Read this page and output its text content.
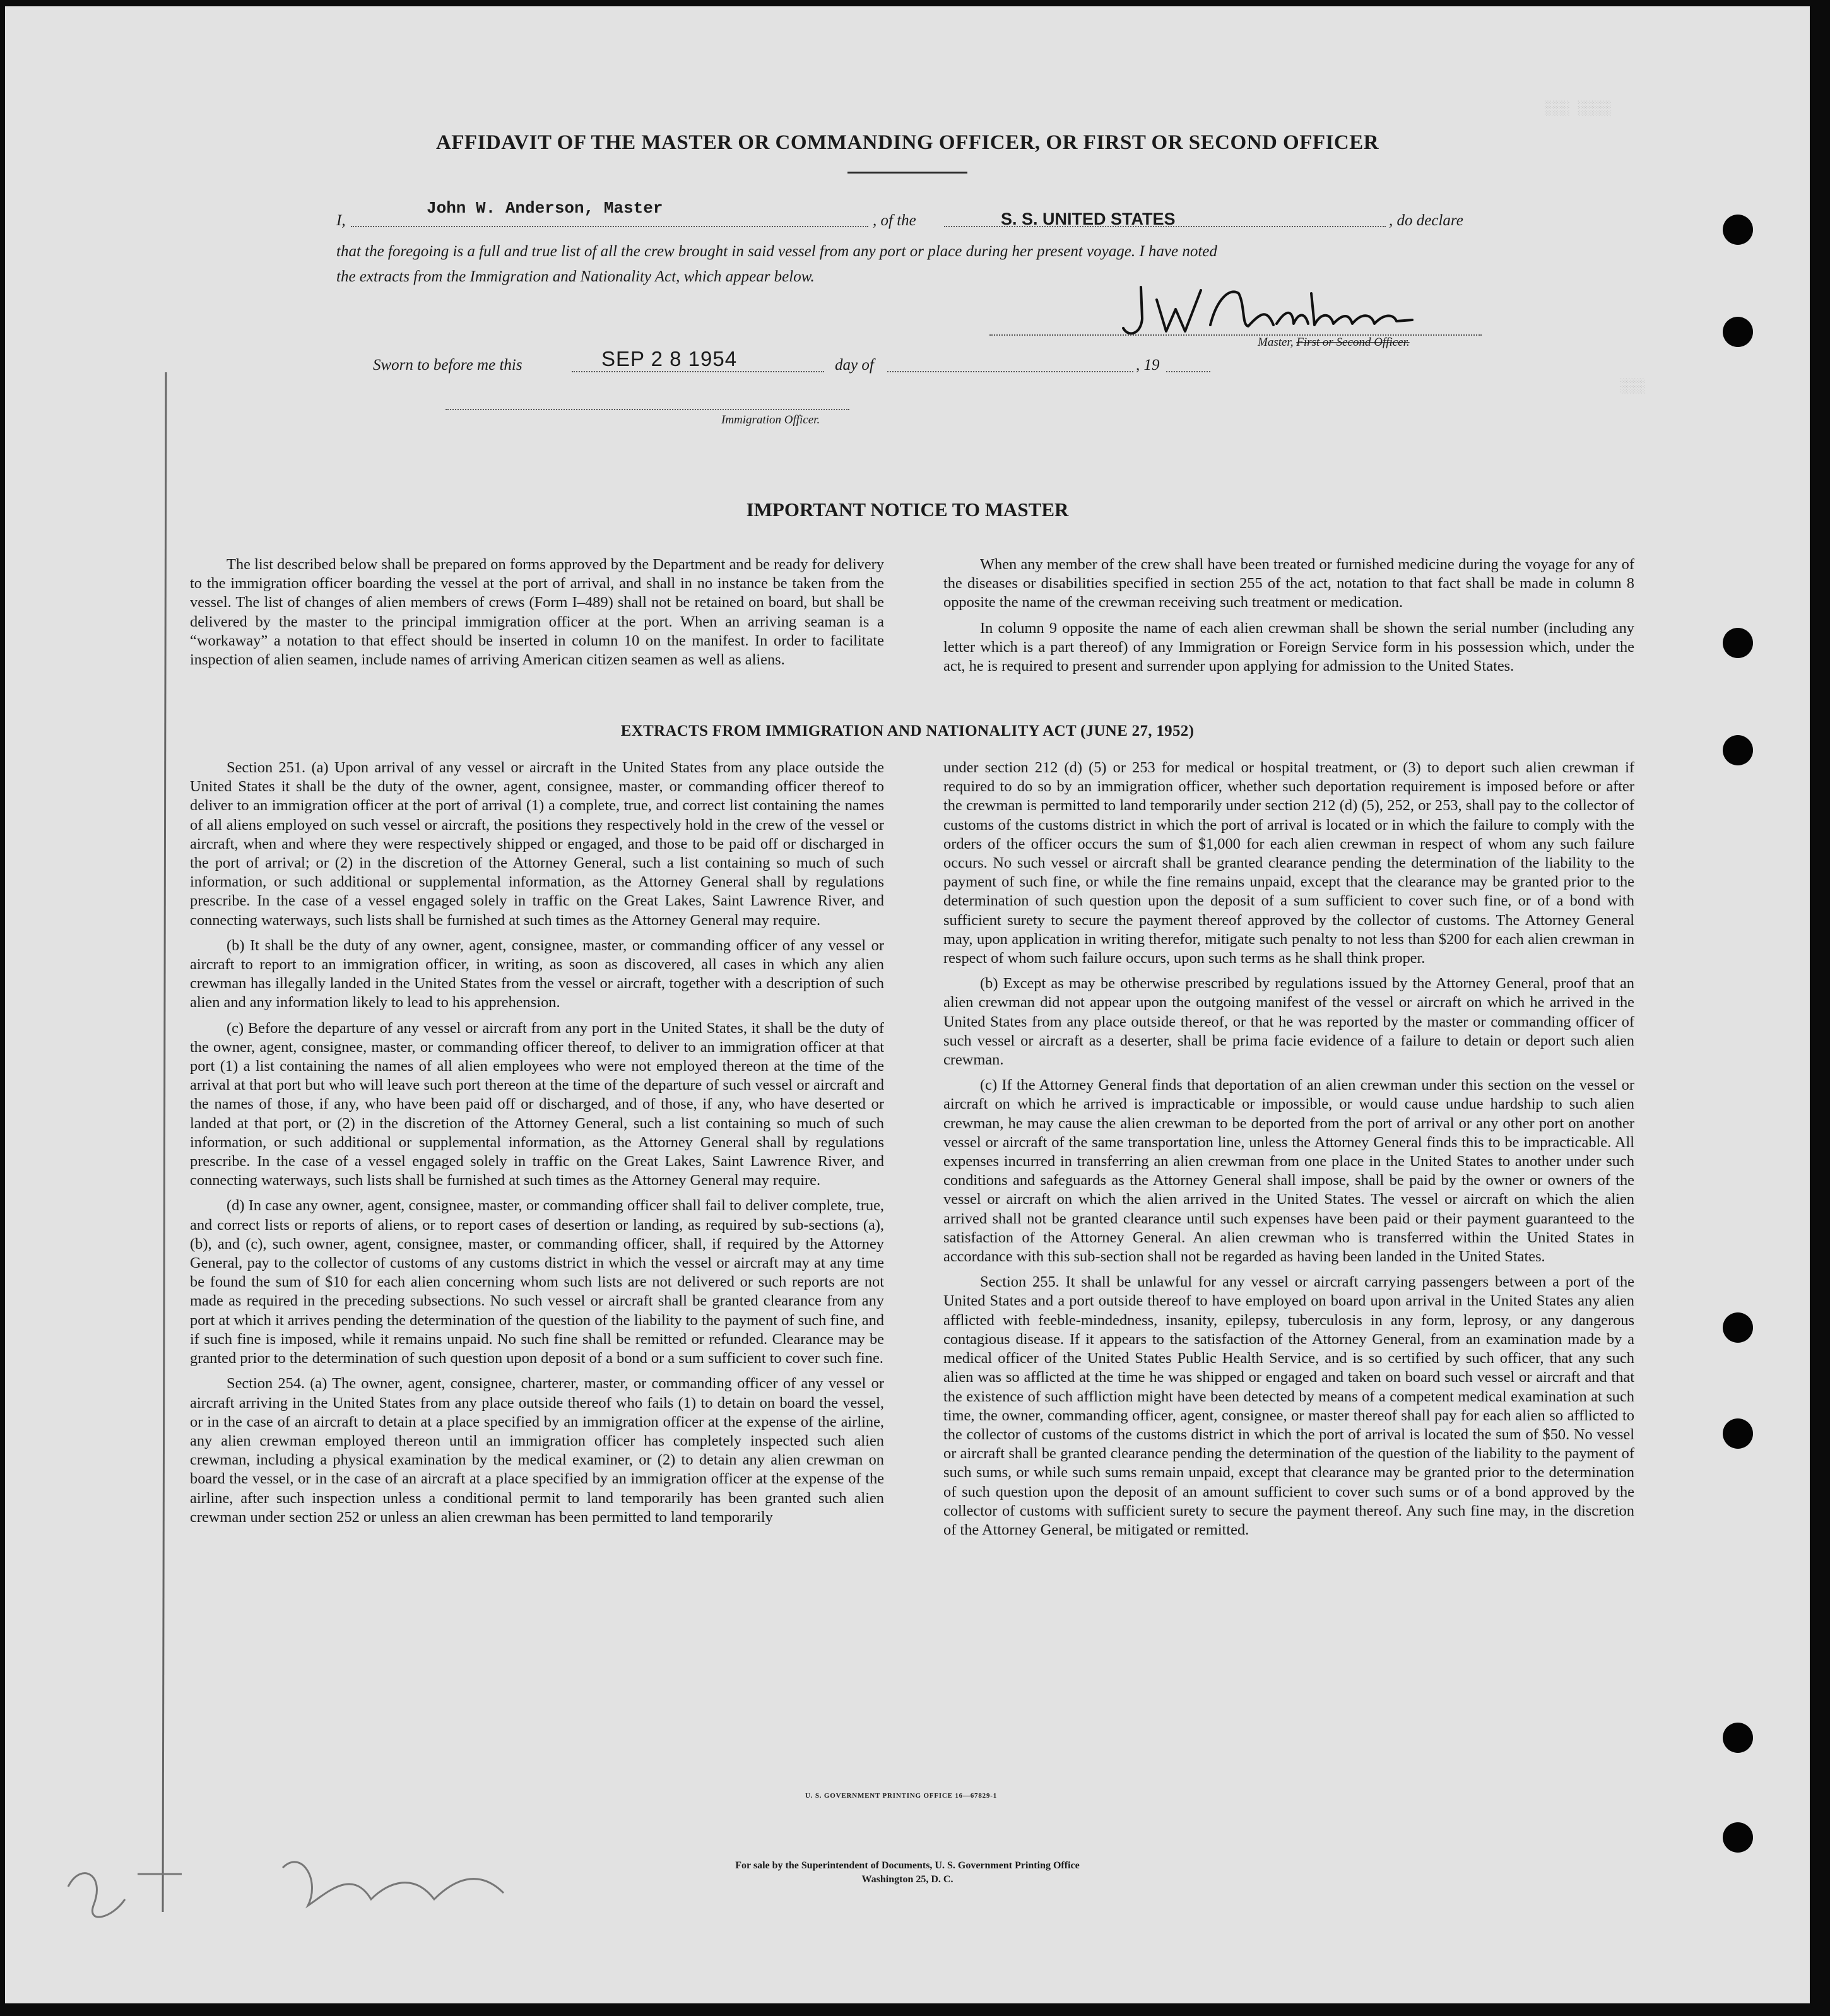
░░░ ░░░░
░░░
AFFIDAVIT OF THE MASTER OR COMMANDING OFFICER, OR FIRST OR SECOND OFFICER
I,
John W. Anderson, Master
, of the	S. S. UNITED STATES	, do declare
that the foregoing is a full and true list of all the crew brought in said vessel from any port or place during her present voyage. I have noted
the extracts from the Immigration and Nationality Act, which appear below.
Master, First or Second Officer.
Sworn to before me this	SEP 2 8 1954	day of	, 19
Immigration Officer.
IMPORTANT NOTICE TO MASTER

The list described below shall be prepared on forms approved by the Department and be ready for delivery to the immigration officer boarding the vessel at the port of arrival, and shall in no instance be taken from the vessel. The list of changes of alien members of crews (Form I–489) shall not be retained on board, but shall be delivered by the master to the principal immigration officer at the port. When an arriving seaman is a “workaway” a notation to that effect should be inserted in column 10 on the manifest. In order to facilitate inspection of alien seamen, include names of arriving American citizen seamen as well as aliens.

When any member of the crew shall have been treated or furnished medicine during the voyage for any of the diseases or disabilities specified in section 255 of the act, notation to that fact shall be made in column 8 opposite the name of the crewman receiving such treatment or medication.

In column 9 opposite the name of each alien crewman shall be shown the serial number (including any letter which is a part thereof) of any Immigration or Foreign Service form in his possession which, under the act, he is required to present and surrender upon applying for admission to the United States.

EXTRACTS FROM IMMIGRATION AND NATIONALITY ACT (JUNE 27, 1952)

Section 251. (a) Upon arrival of any vessel or aircraft in the United States from any place outside the United States it shall be the duty of the owner, agent, consignee, master, or commanding officer thereof to deliver to an immigration officer at the port of arrival (1) a complete, true, and correct list containing the names of all aliens employed on such vessel or aircraft, the positions they respectively hold in the crew of the vessel or aircraft, when and where they were respectively shipped or engaged, and those to be paid off or discharged in the port of arrival; or (2) in the discretion of the Attorney General, such a list containing so much of such information, or such additional or supplemental information, as the Attorney General shall by regulations prescribe. In the case of a vessel engaged solely in traffic on the Great Lakes, Saint Lawrence River, and connecting waterways, such lists shall be furnished at such times as the Attorney General may require.

(b) It shall be the duty of any owner, agent, consignee, master, or commanding officer of any vessel or aircraft to report to an immigration officer, in writing, as soon as discovered, all cases in which any alien crewman has illegally landed in the United States from the vessel or aircraft, together with a description of such alien and any information likely to lead to his apprehension.

(c) Before the departure of any vessel or aircraft from any port in the United States, it shall be the duty of the owner, agent, consignee, master, or commanding officer thereof, to deliver to an immigration officer at that port (1) a list containing the names of all alien employees who were not employed thereon at the time of the arrival at that port but who will leave such port thereon at the time of the departure of such vessel or aircraft and the names of those, if any, who have been paid off or discharged, and of those, if any, who have deserted or landed at that port, or (2) in the discretion of the Attorney General, such a list containing so much of such information, or such additional or supplemental information, as the Attorney General shall by regulations prescribe. In the case of a vessel engaged solely in traffic on the Great Lakes, Saint Lawrence River, and connecting waterways, such lists shall be furnished at such times as the Attorney General may require.

(d) In case any owner, agent, consignee, master, or commanding officer shall fail to deliver complete, true, and correct lists or reports of aliens, or to report cases of desertion or landing, as required by sub-sections (a), (b), and (c), such owner, agent, consignee, master, or commanding officer, shall, if required by the Attorney General, pay to the collector of customs of any customs district in which the vessel or aircraft may at any time be found the sum of $10 for each alien concerning whom such lists are not delivered or such reports are not made as required in the preceding subsections. No such vessel or aircraft shall be granted clearance from any port at which it arrives pending the determination of the question of the liability to the payment of such fine, and if such fine is imposed, while it remains unpaid. No such fine shall be remitted or refunded. Clearance may be granted prior to the determination of such question upon deposit of a bond or a sum sufficient to cover such fine.

Section 254. (a) The owner, agent, consignee, charterer, master, or commanding officer of any vessel or aircraft arriving in the United States from any place outside thereof who fails (1) to detain on board the vessel, or in the case of an aircraft to detain at a place specified by an immigration officer at the expense of the airline, any alien crewman employed thereon until an immigration officer has completely inspected such alien crewman, including a physical examination by the medical examiner, or (2) to detain any alien crewman on board the vessel, or in the case of an aircraft at a place specified by an immigration officer at the expense of the airline, after such inspection unless a conditional permit to land temporarily has been granted such alien crewman under section 252 or unless an alien crewman has been permitted to land temporarily

under section 212 (d) (5) or 253 for medical or hospital treatment, or (3) to deport such alien crewman if required to do so by an immigration officer, whether such deportation requirement is imposed before or after the crewman is permitted to land temporarily under section 212 (d) (5), 252, or 253, shall pay to the collector of customs of the customs district in which the port of arrival is located or in which the failure to comply with the orders of the officer occurs the sum of $1,000 for each alien crewman in respect of whom any such failure occurs. No such vessel or aircraft shall be granted clearance pending the determination of the liability to the payment of such fine, or while the fine remains unpaid, except that the clearance may be granted prior to the determination of such question upon the deposit of a sum sufficient to cover such fine, or of a bond with sufficient surety to secure the payment thereof approved by the collector of customs. The Attorney General may, upon application in writing therefor, mitigate such penalty to not less than $200 for each alien crewman in respect of whom such failure occurs, upon such terms as he shall think proper.

(b) Except as may be otherwise prescribed by regulations issued by the Attorney General, proof that an alien crewman did not appear upon the outgoing manifest of the vessel or aircraft on which he arrived in the United States from any place outside thereof, or that he was reported by the master or commanding officer of such vessel or aircraft as a deserter, shall be prima facie evidence of a failure to detain or deport such alien crewman.

(c) If the Attorney General finds that deportation of an alien crewman under this section on the vessel or aircraft on which he arrived is impracticable or impossible, or would cause undue hardship to such alien crewman, he may cause the alien crewman to be deported from the port of arrival or any other port on another vessel or aircraft of the same transportation line, unless the Attorney General finds this to be impracticable. All expenses incurred in transferring an alien crewman from one place in the United States to another under such conditions and safeguards as the Attorney General shall impose, shall be paid by the owner or owners of the vessel or aircraft on which the alien arrived in the United States. The vessel or aircraft on which the alien arrived shall not be granted clearance until such expenses have been paid or their payment guaranteed to the satisfaction of the Attorney General. An alien crewman who is transferred within the United States in accordance with this sub-section shall not be regarded as having been landed in the United States.

Section 255. It shall be unlawful for any vessel or aircraft carrying passengers between a port of the United States and a port outside thereof to have employed on board upon arrival in the United States any alien afflicted with feeble-mindedness, insanity, epilepsy, tuberculosis in any form, leprosy, or any dangerous contagious disease. If it appears to the satisfaction of the Attorney General, from an examination made by a medical officer of the United States Public Health Service, and is so certified by such officer, that any such alien was so afflicted at the time he was shipped or engaged and taken on board such vessel or aircraft and that the existence of such affliction might have been detected by means of a competent medical examination at such time, the owner, commanding officer, agent, consignee, or master thereof shall pay for each alien so afflicted to the collector of customs of the customs district in which the port of arrival is located the sum of $50. No vessel or aircraft shall be granted clearance pending the determination of the question of the liability to the payment of such sums, or while such sums remain unpaid, except that clearance may be granted prior to the determination of such question upon the deposit of an amount sufficient to cover such sums or of a bond approved by the collector of customs with sufficient surety to secure the payment thereof. Any such fine may, in the discretion of the Attorney General, be mitigated or remitted.

U. S. GOVERNMENT PRINTING OFFICE 16—67829-1
For sale by the Superintendent of Documents, U. S. Government Printing Office
Washington 25, D. C.
